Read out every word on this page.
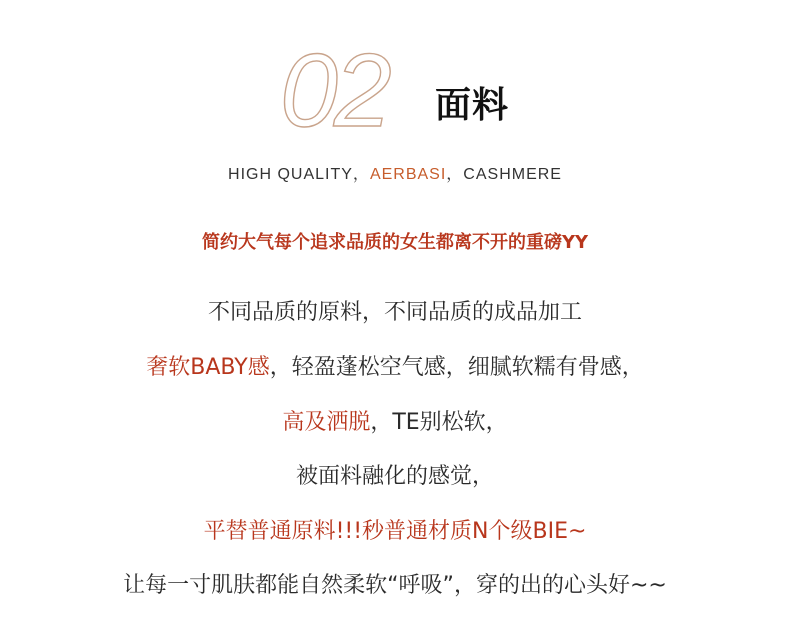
02 面料
HIGH QUALITY，AERBASI，CASHMERE
简约大气每个追求品质的女生都离不开的重磅YY
不同品质的原料，不同品质的成品加工
奢软BABY感，轻盈蓬松空气感，细腻软糯有骨感，
高及洒脱，TE别松软，
被面料融化的感觉，
平替普通原料!!!秒普通材质N个级BIE~
让每一寸肌肤都能自然柔软“呼吸”，穿的出的心头好~~
